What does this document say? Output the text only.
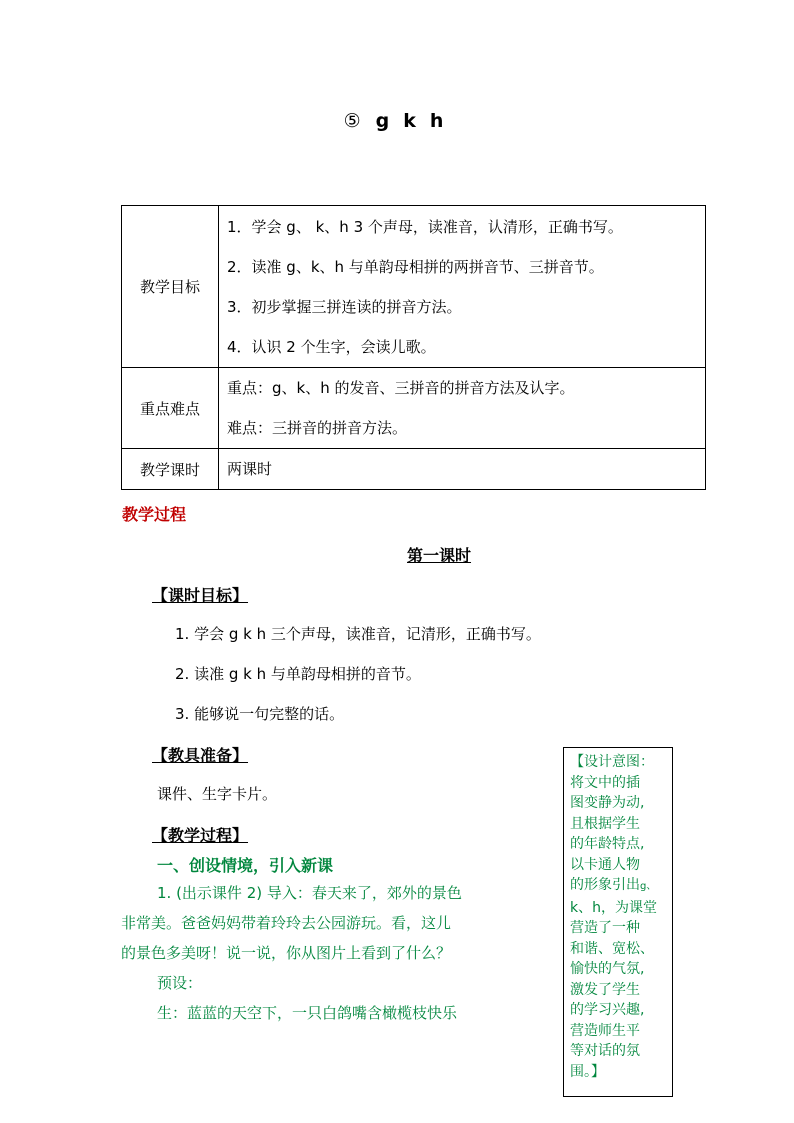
⑤ g k h
教学目标	1．学会 g、 k、h 3 个声母，读准音，认清形，正确书写。
2．读准 g、k、h 与单韵母相拼的两拼音节、三拼音节。
3．初步掌握三拼连读的拼音方法。
4．认识 2 个生字，会读儿歌。

重点难点	重点：g、k、h 的发音、三拼音的拼音方法及认字。
难点：三拼音的拼音方法。

教学课时	两课时
教学过程
第一课时
【课时目标】
1. 学会 g k h 三个声母，读准音，记清形，正确书写。
2. 读准 g k h 与单韵母相拼的音节。
3. 能够说一句完整的话。
【教具准备】
课件、生字卡片。
【教学过程】
一、创设情境，引入新课
1. (出示课件 2) 导入：春天来了，郊外的景色
非常美。爸爸妈妈带着玲玲去公园游玩。看，这儿
的景色多美呀！说一说，你从图片上看到了什么？
预设：
生：蓝蓝的天空下，一只白鸽嘴含橄榄枝快乐
【设计意图：
将文中的插
图变静为动,
且根据学生
的年龄特点,
以卡通人物
的形象引出g、
k、h，为课堂
营造了一种
和谐、宽松、
愉快的气氛,
激发了学生
的学习兴趣,
营造师生平
等对话的氛
围。】
